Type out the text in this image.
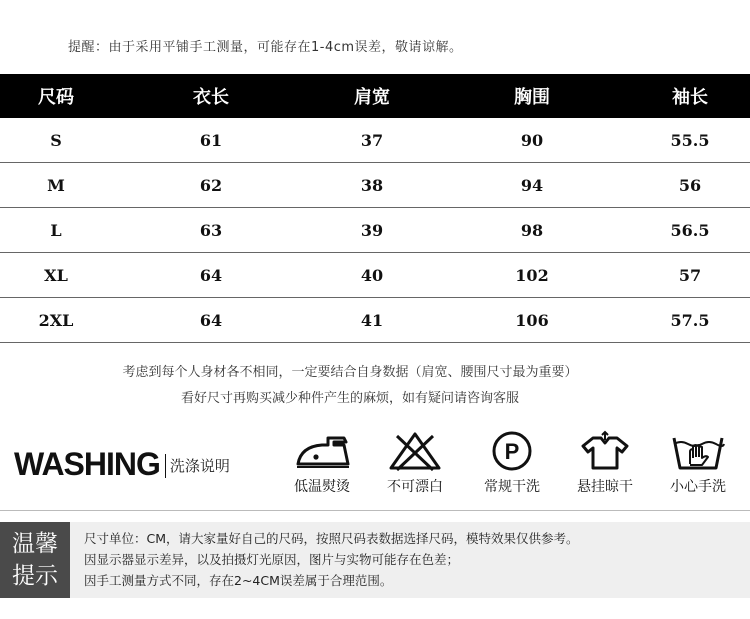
提醒：由于采用平铺手工测量，可能存在1-4cm误差，敬请谅解。
尺码	衣长	肩宽	胸围	袖长
S	61	37	90	55.5
M	62	38	94	56
L	63	39	98	56.5
XL	64	40	102	57
2XL	64	41	106	57.5
考虑到每个人身材各不相同，一定要结合自身数据（肩宽、腰围尺寸最为重要）
看好尺寸再购买减少种件产生的麻烦，如有疑问请咨询客服
WASHING 洗涤说明
低温熨烫	不可漂白
P
常规干洗	悬挂晾干	小心手洗
温馨
提示
尺寸单位：CM，请大家量好自己的尺码，按照尺码表数据选择尺码，模特效果仅供参考。
因显示器显示差异，以及拍摄灯光原因，图片与实物可能存在色差；
因手工测量方式不同，存在2~4CM误差属于合理范围。
